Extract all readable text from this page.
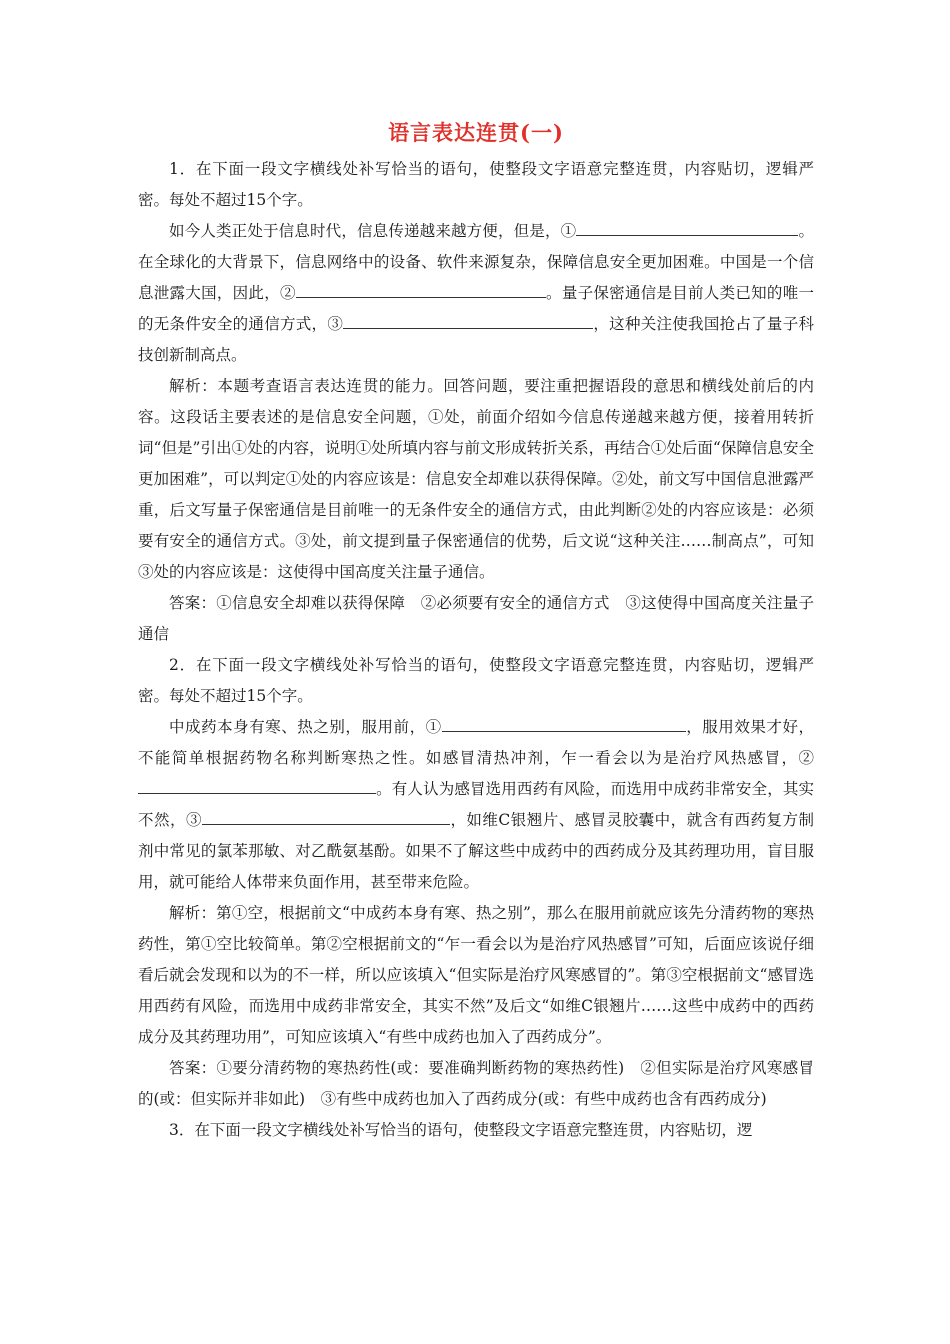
语言表达连贯(一)

1．在下面一段文字横线处补写恰当的语句，使整段文字语意完整连贯，内容贴切，逻辑严密。每处不超过15个字。

如今人类正处于信息时代，信息传递越来越方便，但是，①	。在全球化的大背景下，信息网络中的设备、软件来源复杂，保障信息安全更加困难。中国是一个信息泄露大国，因此，②	。量子保密通信是目前人类已知的唯一的无条件安全的通信方式，③	，这种关注使我国抢占了量子科技创新制高点。

解析：本题考查语言表达连贯的能力。回答问题，要注重把握语段的意思和横线处前后的内容。这段话主要表述的是信息安全问题，①处，前面介绍如今信息传递越来越方便，接着用转折词“但是”引出①处的内容，说明①处所填内容与前文形成转折关系，再结合①处后面“保障信息安全更加困难”，可以判定①处的内容应该是：信息安全却难以获得保障。②处，前文写中国信息泄露严重，后文写量子保密通信是目前唯一的无条件安全的通信方式，由此判断②处的内容应该是：必须要有安全的通信方式。③处，前文提到量子保密通信的优势，后文说“这种关注……制高点”，可知③处的内容应该是：这使得中国高度关注量子通信。

答案：①信息安全却难以获得保障　②必须要有安全的通信方式　③这使得中国高度关注量子通信

2．在下面一段文字横线处补写恰当的语句，使整段文字语意完整连贯，内容贴切，逻辑严密。每处不超过15个字。

中成药本身有寒、热之别，服用前，①	，服用效果才好，不能简单根据药物名称判断寒热之性。如感冒清热冲剂，乍一看会以为是治疗风热感冒，②。有人认为感冒选用西药有风险，而选用中成药非常安全，其实不然，③	，如维C银翘片、感冒灵胶囊中，就含有西药复方制剂中常见的氯苯那敏、对乙酰氨基酚。如果不了解这些中成药中的西药成分及其药理功用，盲目服用，就可能给人体带来负面作用，甚至带来危险。

解析：第①空，根据前文“中成药本身有寒、热之别”，那么在服用前就应该先分清药物的寒热药性，第①空比较简单。第②空根据前文的“乍一看会以为是治疗风热感冒”可知，后面应该说仔细看后就会发现和以为的不一样，所以应该填入“但实际是治疗风寒感冒的”。第③空根据前文“感冒选用西药有风险，而选用中成药非常安全，其实不然”及后文“如维C银翘片……这些中成药中的西药成分及其药理功用”，可知应该填入“有些中成药也加入了西药成分”。

答案：①要分清药物的寒热药性(或：要准确判断药物的寒热药性)　②但实际是治疗风寒感冒的(或：但实际并非如此)　③有些中成药也加入了西药成分(或：有些中成药也含有西药成分)

3．在下面一段文字横线处补写恰当的语句，使整段文字语意完整连贯，内容贴切，逻
